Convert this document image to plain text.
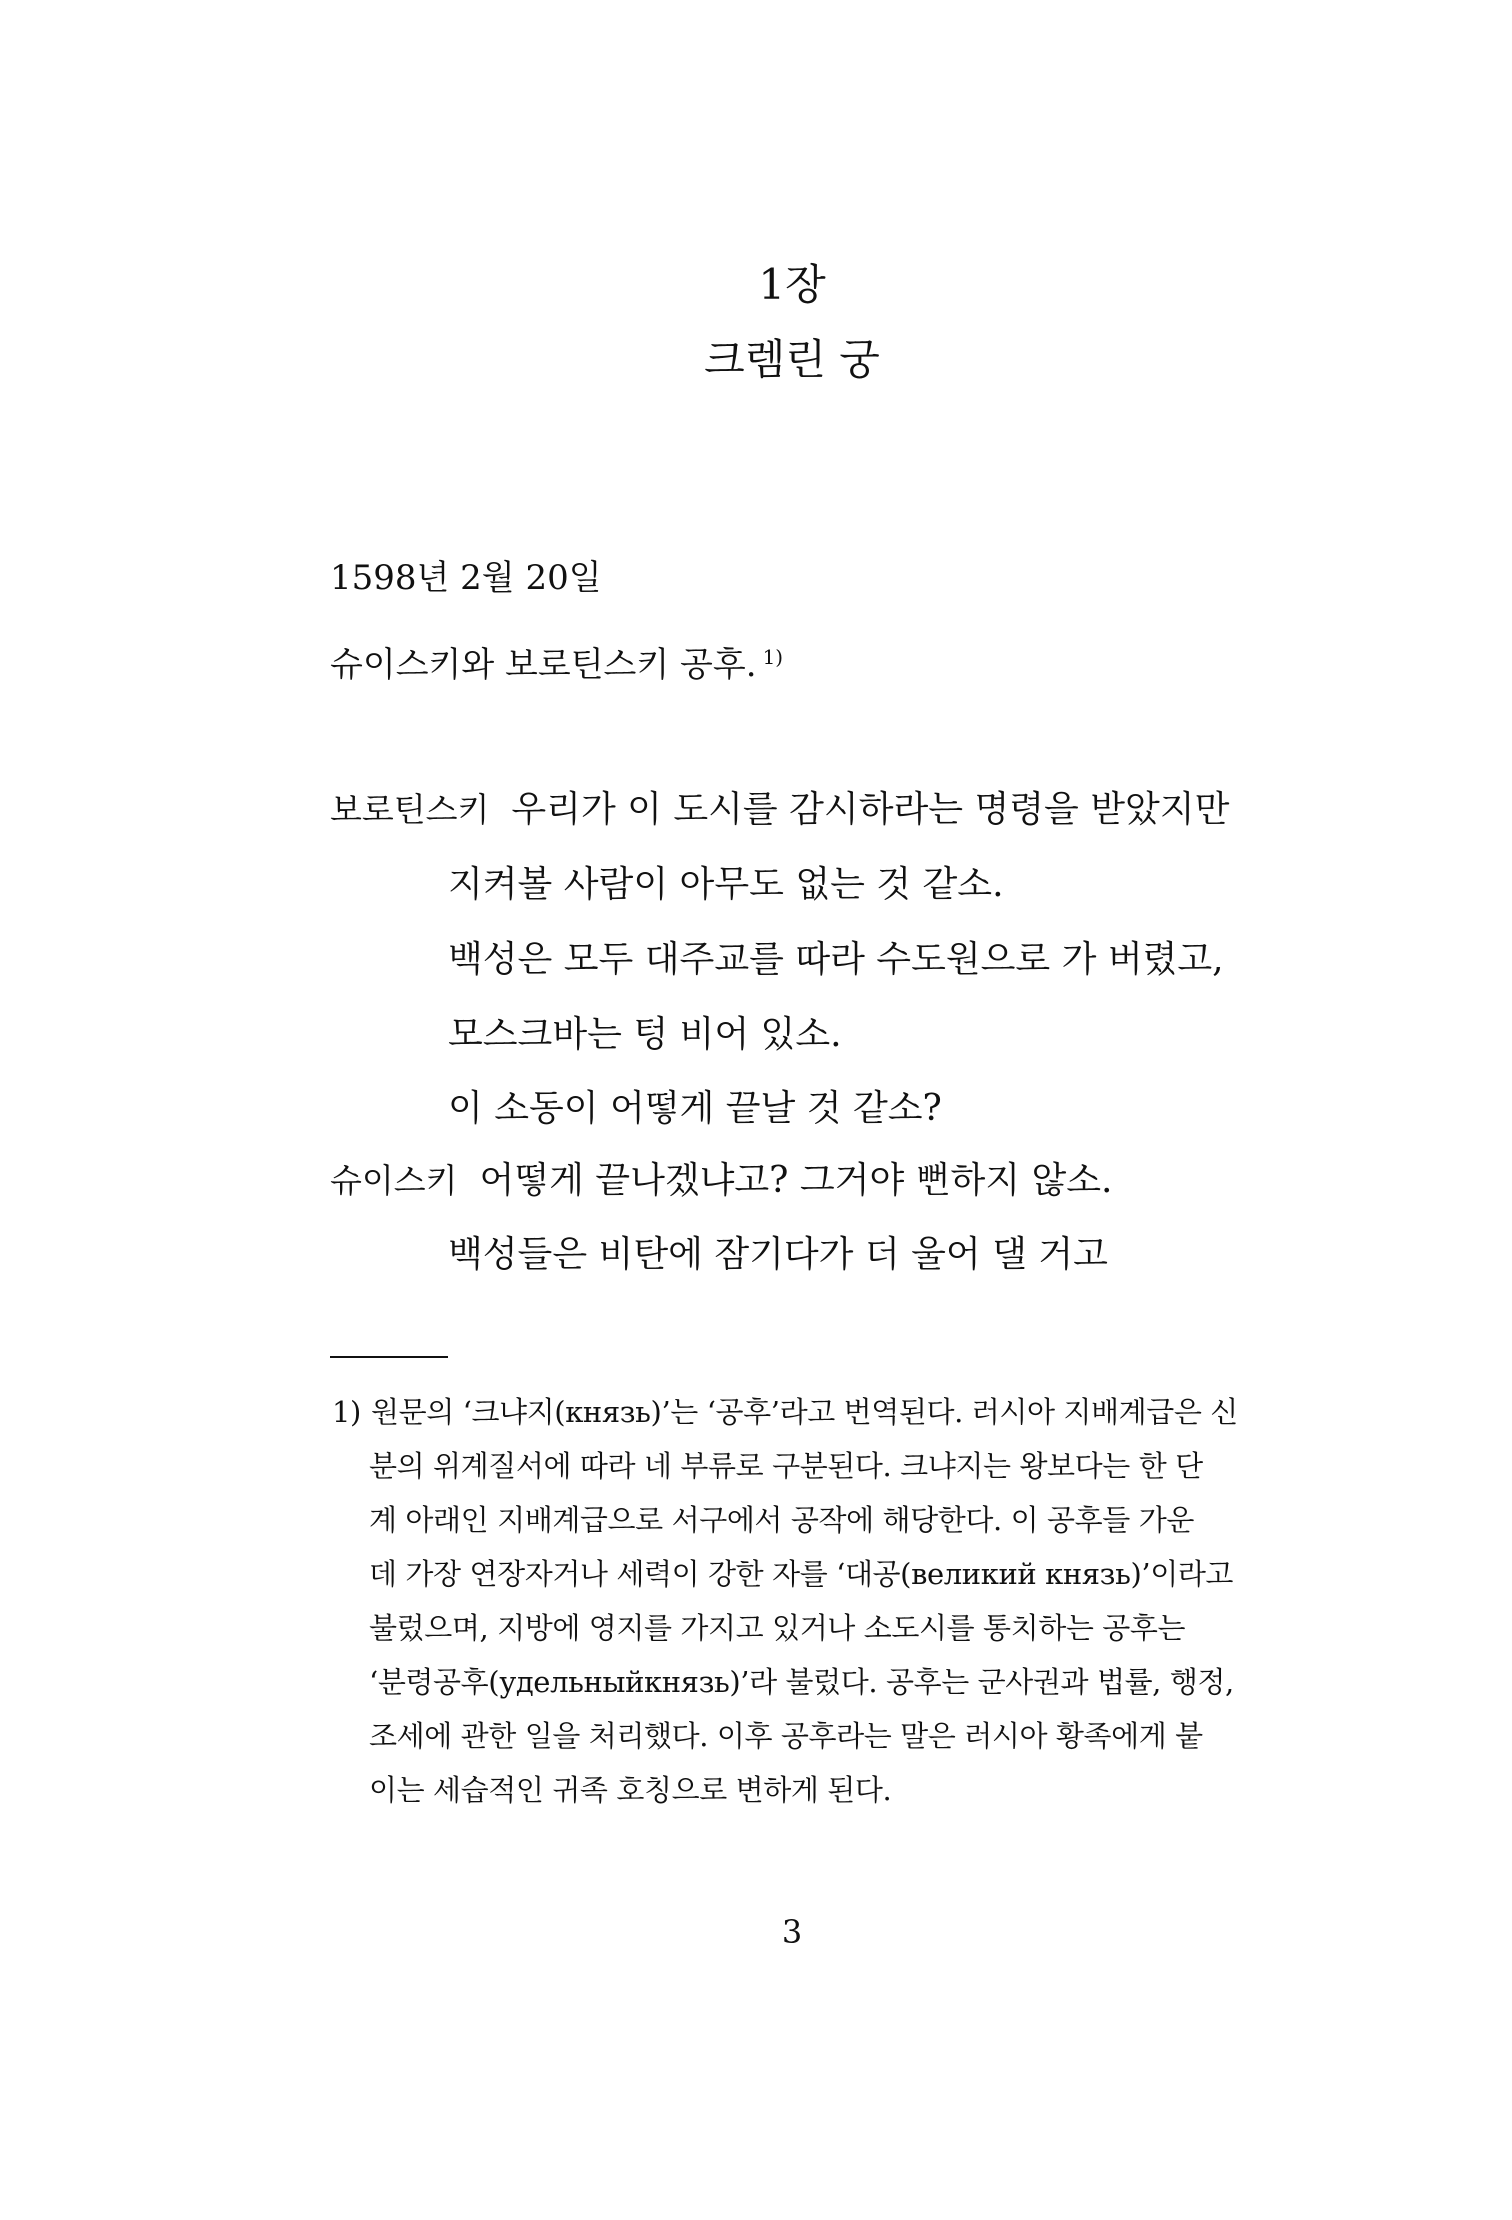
1장
크렘린 궁
1598년 2월 20일
슈이스키와 보로틴스키 공후. $^{1)}$
보로틴스키 우리가 이 도시를 감시하라는 명령을 받았지만
지켜볼 사람이 아무도 없는 것 같소.
백성은 모두 대주교를 따라 수도원으로 가 버렸고,
모스크바는 텅 비어 있소.
이 소동이 어떻게 끝날 것 같소?
슈이스키 어떻게 끝나겠냐고? 그거야 뻔하지 않소.
백성들은 비탄에 잠기다가 더 울어 댈 거고
1) 원문의 ‘크냐지(князь)’는 ‘공후’라고 번역된다. 러시아 지배계급은 신
분의 위계질서에 따라 네 부류로 구분된다. 크냐지는 왕보다는 한 단
계 아래인 지배계급으로 서구에서 공작에 해당한다. 이 공후들 가운
데 가장 연장자거나 세력이 강한 자를 ‘대공(великий князь)’이라고
불렀으며, 지방에 영지를 가지고 있거나 소도시를 통치하는 공후는
‘분령공후(удельныйкнязь)’라 불렀다. 공후는 군사권과 법률, 행정,
조세에 관한 일을 처리했다. 이후 공후라는 말은 러시아 황족에게 붙
이는 세습적인 귀족 호칭으로 변하게 된다.
3
